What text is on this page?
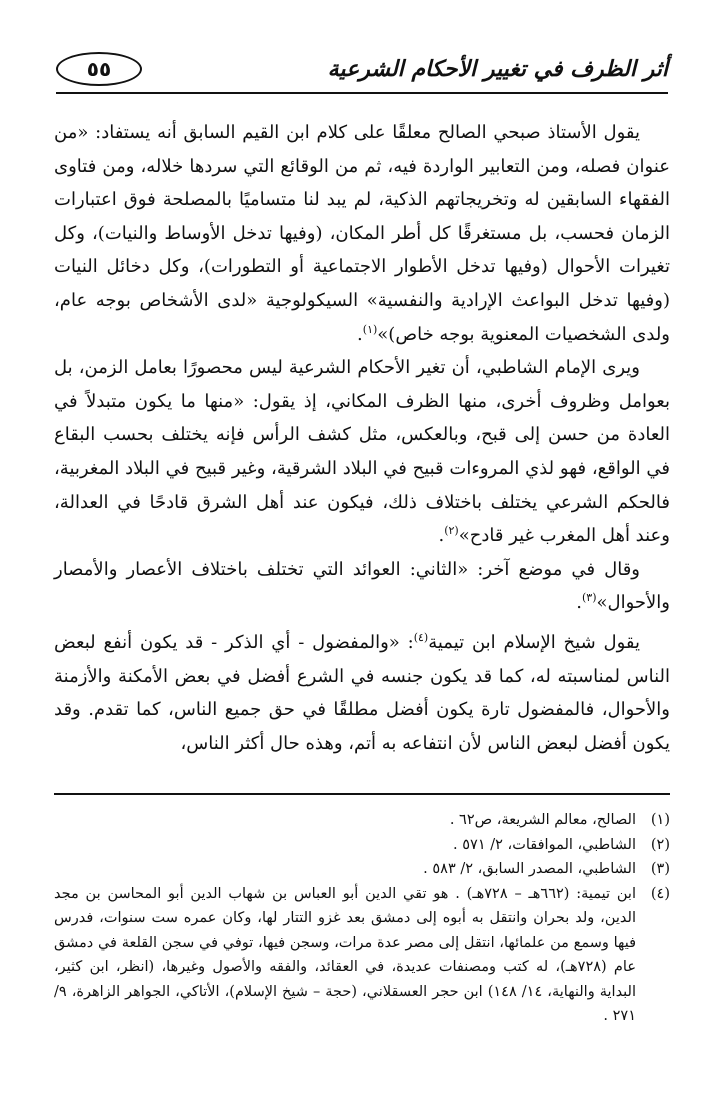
أثر الظرف في تغيير الأحكام الشرعية
٥٥

يقول الأستاذ صبحي الصالح معلقًا على كلام ابن القيم السابق أنه يستفاد: «من عنوان فصله، ومن التعابير الواردة فيه، ثم من الوقائع التي سردها خلاله، ومن فتاوى الفقهاء السابقين له وتخريجاتهم الذكية، لم يبد لنا متساميًا بالمصلحة فوق اعتبارات الزمان فحسب، بل مستغرقًا كل أطر المكان، (وفيها تدخل الأوساط والنيات)، وكل تغيرات الأحوال (وفيها تدخل الأطوار الاجتماعية أو التطورات)، وكل دخائل النيات (وفيها تدخل البواعث الإرادية والنفسية» السيكولوجية «لدى الأشخاص بوجه عام، ولدى الشخصيات المعنوية بوجه خاص)»$^{(١)}$.

ويرى الإمام الشاطبي، أن تغير الأحكام الشرعية ليس محصورًا بعامل الزمن، بل بعوامل وظروف أخرى، منها الظرف المكاني، إذ يقول: «منها ما يكون متبدلاً في العادة من حسن إلى قبح، وبالعكس، مثل كشف الرأس فإنه يختلف بحسب البقاع في الواقع، فهو لذي المروءات قبيح في البلاد الشرقية، وغير قبيح في البلاد المغربية، فالحكم الشرعي يختلف باختلاف ذلك، فيكون عند أهل الشرق قادحًا في العدالة، وعند أهل المغرب غير قادح»$^{(٢)}$.

وقال في موضع آخر: «الثاني: العوائد التي تختلف باختلاف الأعصار والأمصار والأحوال»$^{(٣)}$.

يقول شيخ الإسلام ابن تيمية$^{(٤)}$: «والمفضول - أي الذكر - قد يكون أنفع لبعض الناس لمناسبته له، كما قد يكون جنسه في الشرع أفضل في بعض الأمكنة والأزمنة والأحوال، فالمفضول تارة يكون أفضل مطلقًا في حق جميع الناس، كما تقدم. وقد يكون أفضل لبعض الناس لأن انتفاعه به أتم، وهذه حال أكثر الناس،

(١)
الصالح، معالم الشريعة، ص٦٢ .
(٢)
الشاطبي، الموافقات، ٢/ ٥٧١ .
(٣)
الشاطبي، المصدر السابق، ٢/ ٥٨٣ .
(٤)
ابن تيمية: (٦٦٢هـ – ٧٢٨هـ) . هو تقي الدين أبو العباس بن شهاب الدين أبو المحاسن بن مجد الدين، ولد بحران وانتقل به أبوه إلى دمشق بعد غزو التتار لها، وكان عمره ست سنوات، فدرس فيها وسمع من علمائها، انتقل إلى مصر عدة مرات، وسجن فيها، توفي في سجن القلعة في دمشق عام (٧٢٨هـ)، له كتب ومصنفات عديدة، في العقائد، والفقه والأصول وغيرها، (انظر، ابن كثير، البداية والنهاية، ١٤/ ١٤٨) ابن حجر العسقلاني، (حجة – شيخ الإسلام)، الأتاكي، الجواهر الزاهرة، ٩/ ٢٧١ .
